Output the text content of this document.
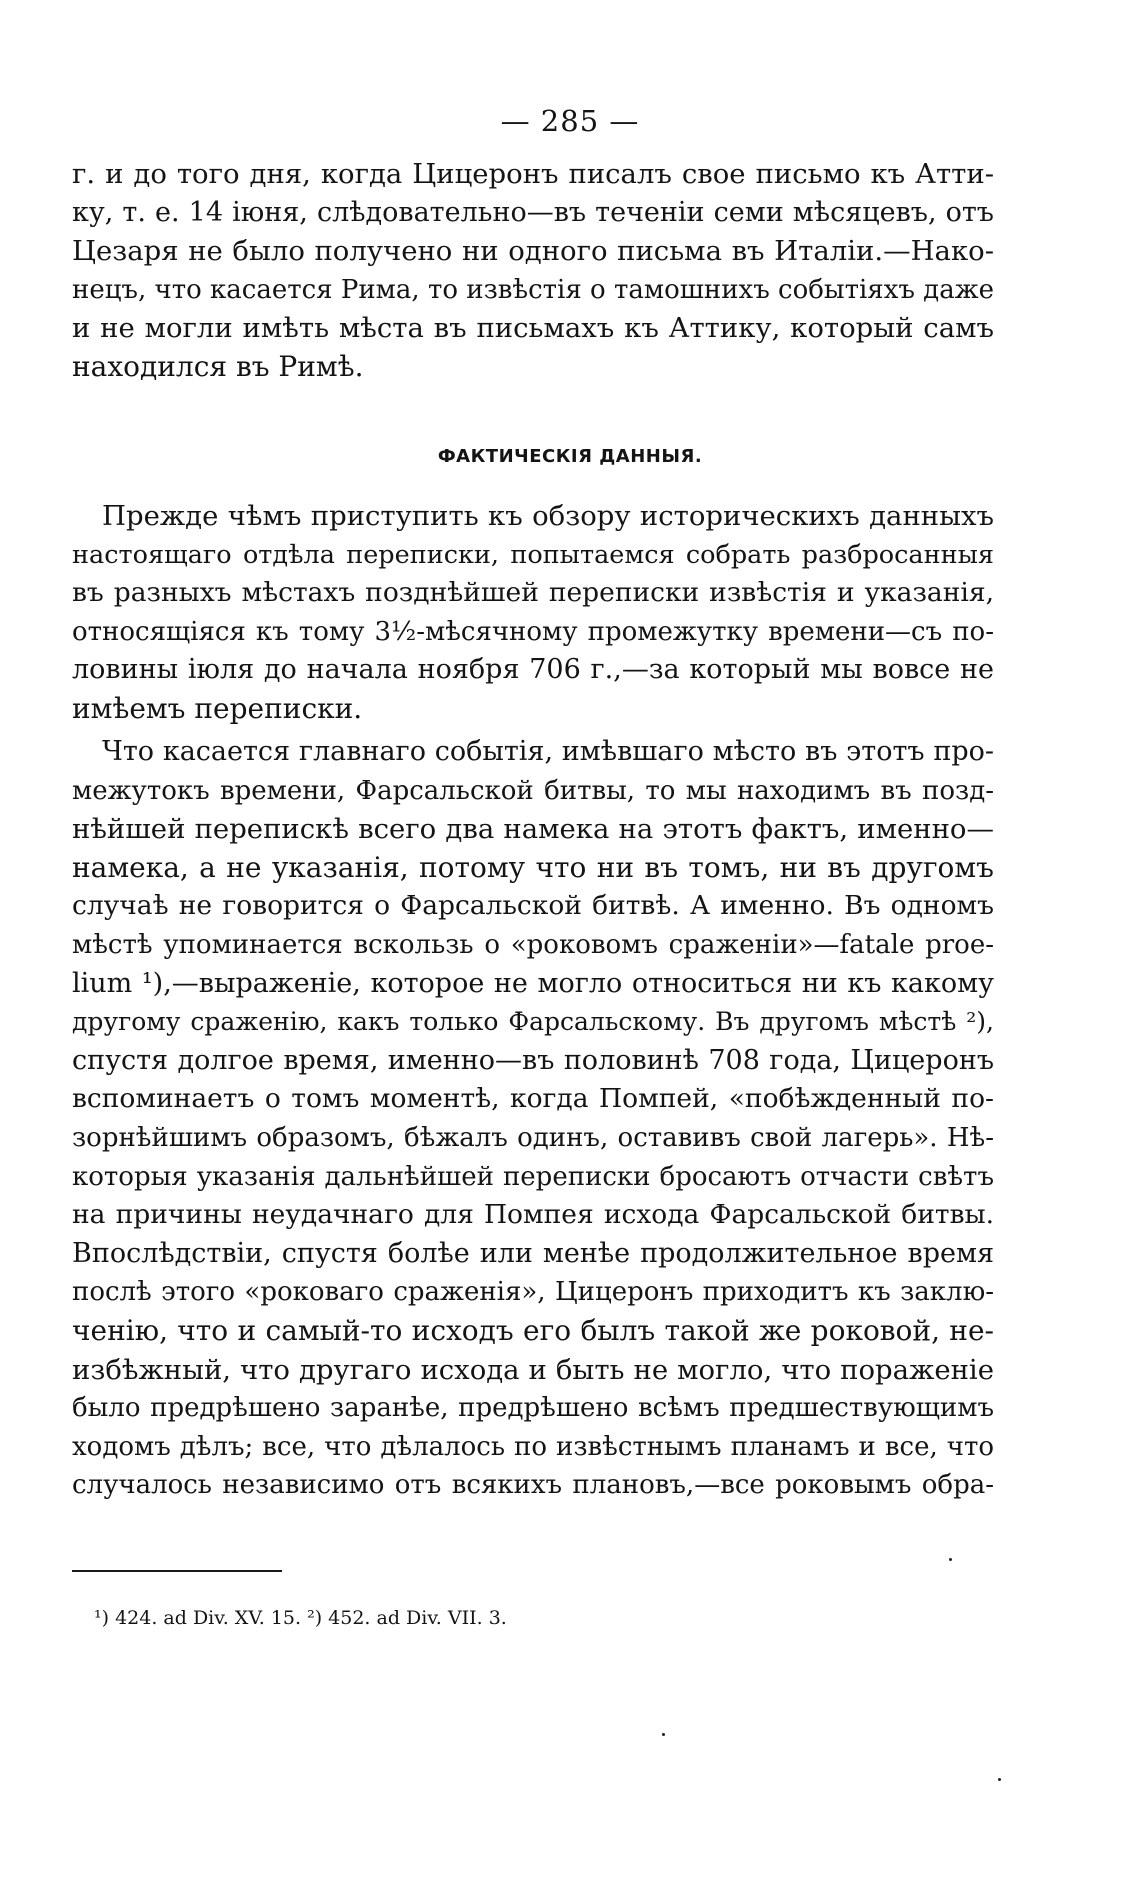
— 285 —
г. и до того дня, когда Цицеронъ писалъ свое письмо къ Атти-
ку, т. е. 14 іюня, слѣдовательно—въ теченіи семи мѣсяцевъ, отъ
Цезаря не было получено ни одного письма въ Италіи.—Нако-
нецъ, что касается Рима, то извѣстія о тамошнихъ событіяхъ даже
и не могли имѣть мѣста въ письмахъ къ Аттику, который самъ
находился въ Римѣ.
ФАКТИЧЕСКІЯ ДАННЫЯ.
Прежде чѣмъ приступить къ обзору историческихъ данныхъ
настоящаго отдѣла переписки, попытаемся собрать разбросанныя
въ разныхъ мѣстахъ позднѣйшей переписки извѣстія и указанія,
относящіяся къ тому 3½-мѣсячному промежутку времени—съ по-
ловины іюля до начала ноября 706 г.,—за который мы вовсе не
имѣемъ переписки.
Что касается главнаго событія, имѣвшаго мѣсто въ этотъ про-
межутокъ времени, Фарсальской битвы, то мы находимъ въ позд-
нѣйшей перепискѣ всего два намека на этотъ фактъ, именно—
намека, а не указанія, потому что ни въ томъ, ни въ другомъ
случаѣ не говорится о Фарсальской битвѣ. А именно. Въ одномъ
мѣстѣ упоминается вскользь о «роковомъ сраженіи»—fatale proe-
lium ¹),—выраженіе, которое не могло относиться ни къ какому
другому сраженію, какъ только Фарсальскому. Въ другомъ мѣстѣ ²),
спустя долгое время, именно—въ половинѣ 708 года, Цицеронъ
вспоминаетъ о томъ моментѣ, когда Помпей, «побѣжденный по-
зорнѣйшимъ образомъ, бѣжалъ одинъ, оставивъ свой лагерь». Нѣ-
которыя указанія дальнѣйшей переписки бросаютъ отчасти свѣтъ
на причины неудачнаго для Помпея исхода Фарсальской битвы.
Впослѣдствіи, спустя болѣе или менѣе продолжительное время
послѣ этого «роковаго сраженія», Цицеронъ приходитъ къ заклю-
ченію, что и самый-то исходъ его былъ такой же роковой, не-
избѣжный, что другаго исхода и быть не могло, что пораженіе
было предрѣшено заранѣе, предрѣшено всѣмъ предшествующимъ
ходомъ дѣлъ; все, что дѣлалось по извѣстнымъ планамъ и все, что
случалось независимо отъ всякихъ плановъ,—все роковымъ обра-
¹) 424. ad Div. XV. 15. ²) 452. ad Div. VII. 3.
